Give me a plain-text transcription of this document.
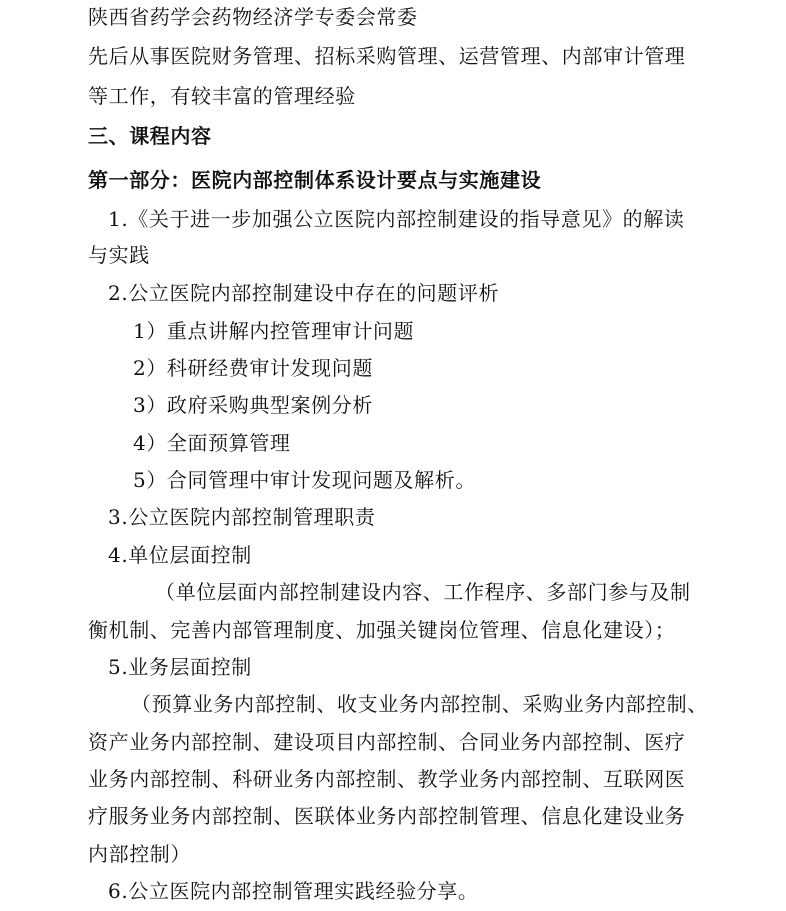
陕西省药学会药物经济学专委会常委
先后从事医院财务管理、招标采购管理、运营管理、内部审计管理
等工作，有较丰富的管理经验
三、课程内容
第一部分：医院内部控制体系设计要点与实施建设
1.《关于进一步加强公立医院内部控制建设的指导意见》的解读
与实践
2.公立医院内部控制建设中存在的问题评析
1）重点讲解内控管理审计问题
2）科研经费审计发现问题
3）政府采购典型案例分析
4）全面预算管理
5）合同管理中审计发现问题及解析。
3.公立医院内部控制管理职责
4.单位层面控制
（单位层面内部控制建设内容、工作程序、多部门参与及制
衡机制、完善内部管理制度、加强关键岗位管理、信息化建设）；
5.业务层面控制
（预算业务内部控制、收支业务内部控制、采购业务内部控制、
资产业务内部控制、建设项目内部控制、合同业务内部控制、医疗
业务内部控制、科研业务内部控制、教学业务内部控制、互联网医
疗服务业务内部控制、医联体业务内部控制管理、信息化建设业务
内部控制）
6.公立医院内部控制管理实践经验分享。
